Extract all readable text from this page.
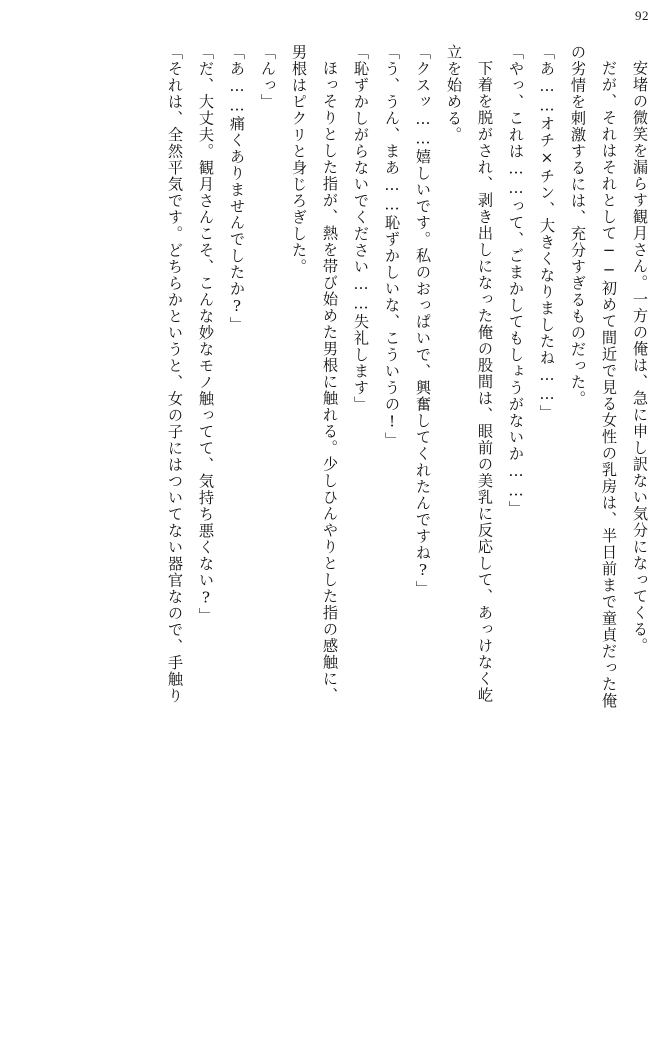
92
安堵の微笑を漏らす観月さん。一方の俺は、急に申し訳ない気分になってくる。
だが、それはそれとして──初めて間近で見る女性の乳房は、半日前まで童貞だった俺
の劣情を刺激するには、充分すぎるものだった。
「あ……オチ×チン、大きくなりましたね……」
「やっ、これは……って、ごまかしてもしょうがないか……」
下着を脱がされ、剥き出しになった俺の股間は、眼前の美乳に反応して、あっけなく屹
立を始める。
「クスッ……嬉しいです。私のおっぱいで、興奮してくれたんですね?」
「う、うん、まあ……恥ずかしいな、こういうの!」
「恥ずかしがらないでください……失礼します」
ほっそりとした指が、熱を帯び始めた男根に触れる。少しひんやりとした指の感触に、
男根はピクリと身じろぎした。
「んっ」
「あ……痛くありませんでしたか?」
「だ、大丈夫。観月さんこそ、こんな妙なモノ触ってて、気持ち悪くない?」
「それは、全然平気です。どちらかというと、女の子にはついてない器官なので、手触り
